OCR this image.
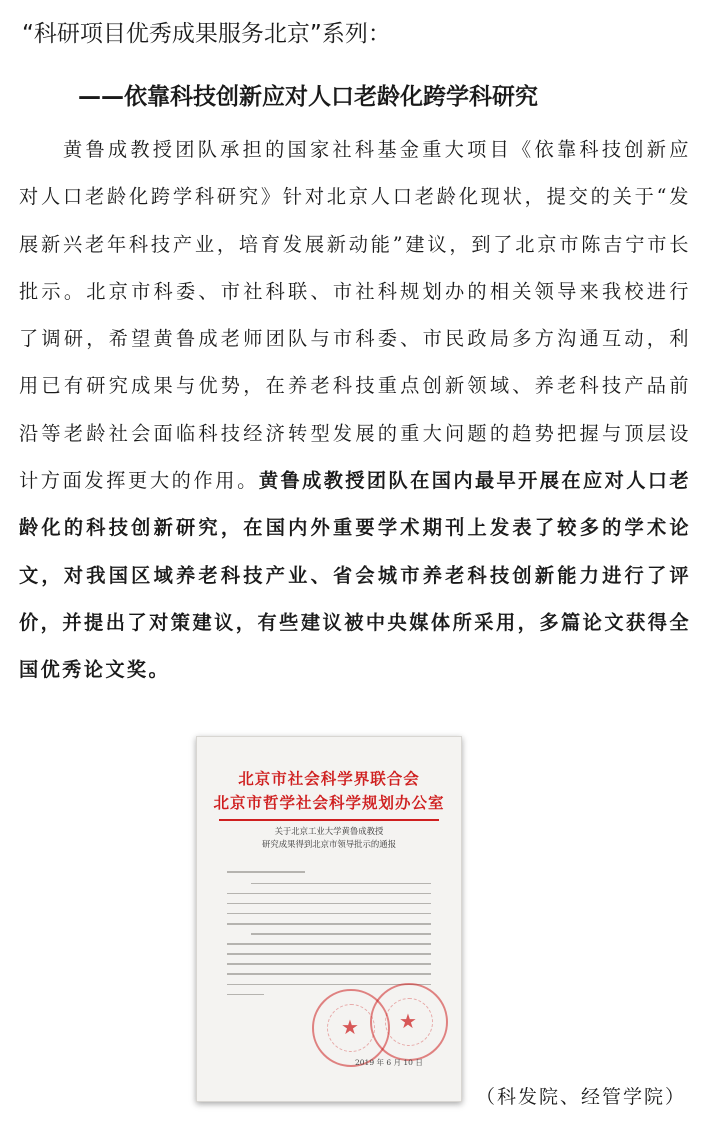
“科研项目优秀成果服务北京”系列：
——依靠科技创新应对人口老龄化跨学科研究

黄鲁成教授团队承担的国家社科基金重大项目《依靠科技创新应对人口老龄化跨学科研究》针对北京人口老龄化现状，提交的关于“发展新兴老年科技产业，培育发展新动能”建议，到了北京市陈吉宁市长批示。北京市科委、市社科联、市社科规划办的相关领导来我校进行了调研，希望黄鲁成老师团队与市科委、市民政局多方沟通互动，利用已有研究成果与优势，在养老科技重点创新领域、养老科技产品前沿等老龄社会面临科技经济转型发展的重大问题的趋势把握与顶层设计方面发挥更大的作用。黄鲁成教授团队在国内最早开展在应对人口老龄化的科技创新研究，在国内外重要学术期刊上发表了较多的学术论文，对我国区域养老科技产业、省会城市养老科技创新能力进行了评价，并提出了对策建议，有些建议被中央媒体所采用，多篇论文获得全国优秀论文奖。

北京市社会科学界联合会
北京市哲学社会科学规划办公室
关于北京工业大学黄鲁成教授
研究成果得到北京市领导批示的通报
★ ★
2019 年 6 月 10 日
（科发院、经管学院）
